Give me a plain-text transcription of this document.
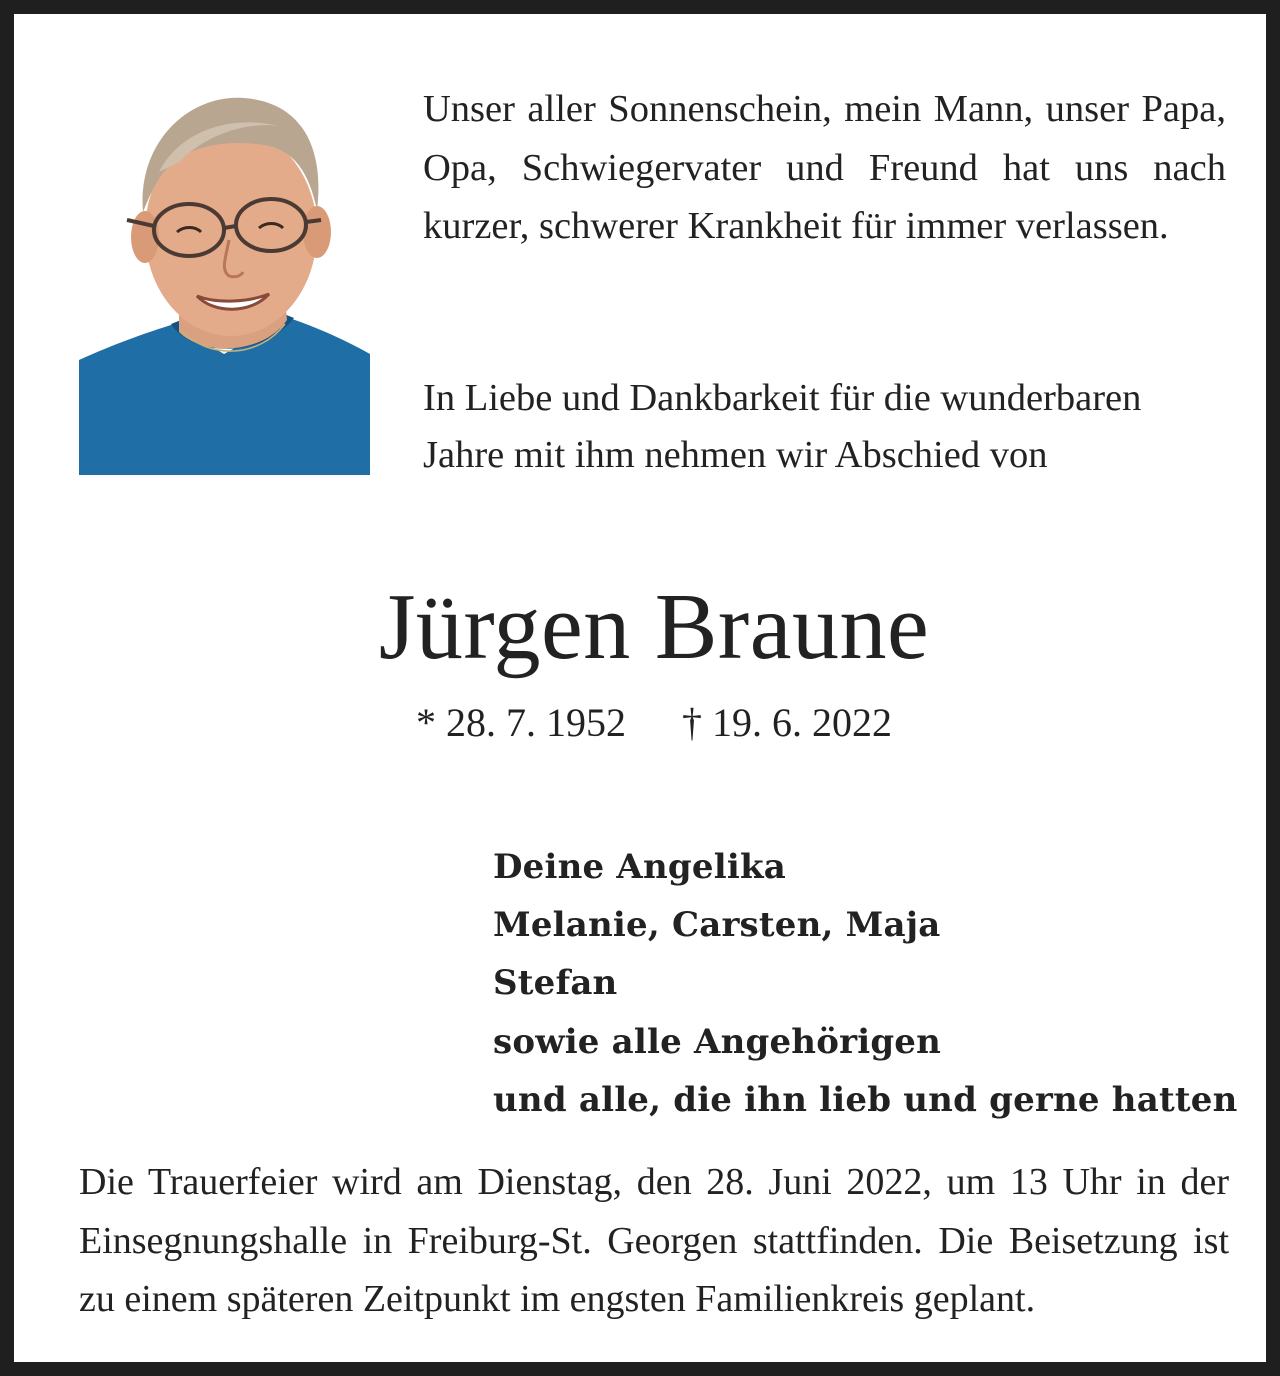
Unser aller Sonnenschein, mein Mann, unser Papa, Opa, Schwiegervater und Freund hat uns nach kurzer, schwerer Krankheit für immer verlassen.

In Liebe und Dankbarkeit für die wunderbaren
Jahre mit ihm nehmen wir Abschied von
Jürgen Braune
* 28. 7. 1952 † 19. 6. 2022
Deine Angelika
Melanie, Carsten, Maja
Stefan
sowie alle Angehörigen
und alle, die ihn lieb und gerne hatten

Die Trauerfeier wird am Dienstag, den 28. Juni 2022, um 13 Uhr in der Einsegnungshalle in Freiburg-St. Georgen stattfinden. Die Beisetzung ist zu einem späteren Zeitpunkt im engsten Familienkreis geplant.
